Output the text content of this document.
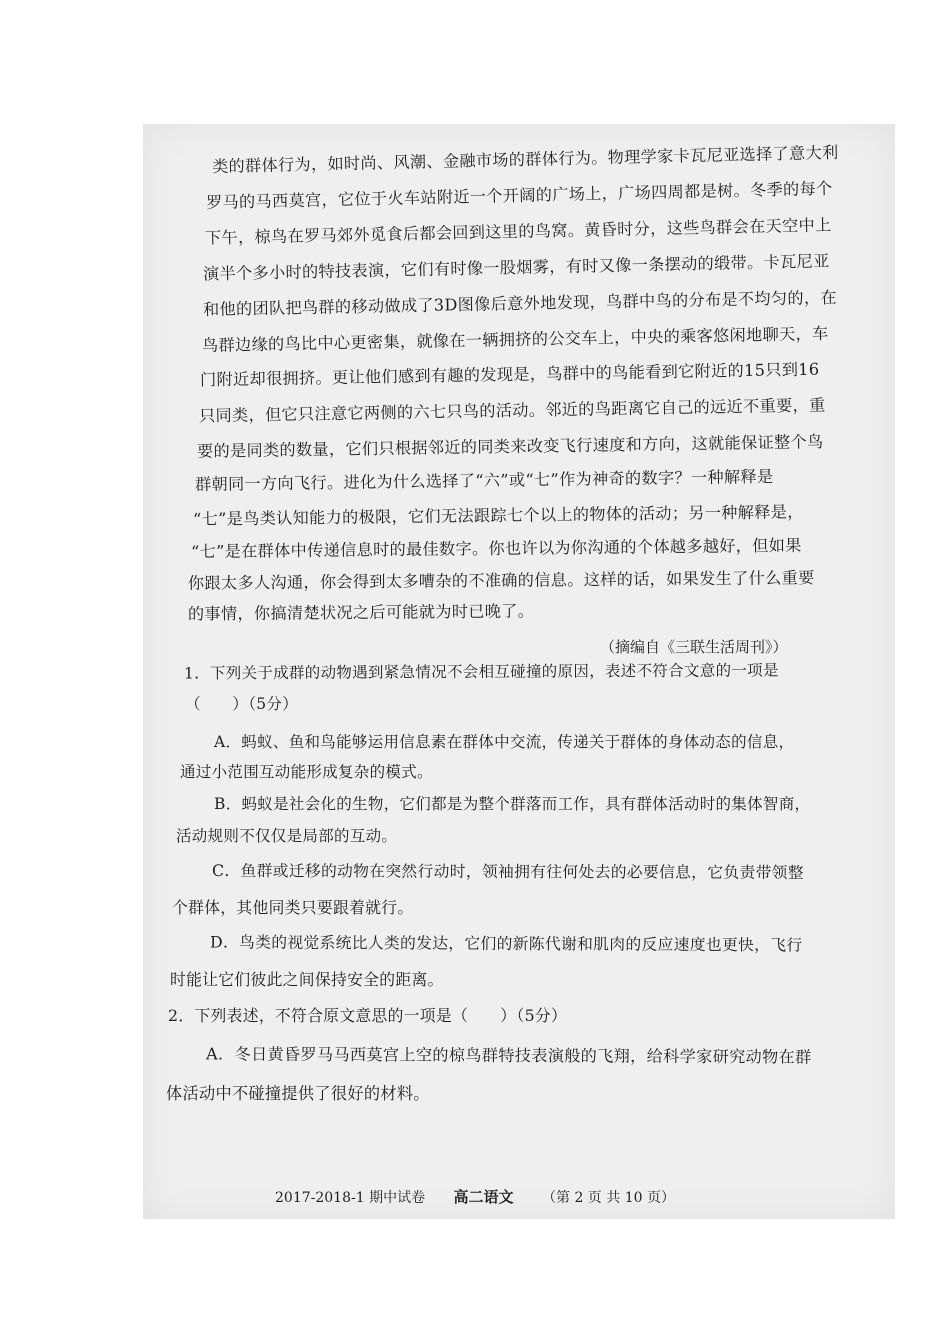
类的群体行为，如时尚、风潮、金融市场的群体行为。物理学家卡瓦尼亚选择了意大利
罗马的马西莫宫，它位于火车站附近一个开阔的广场上，广场四周都是树。冬季的每个
下午，椋鸟在罗马郊外觅食后都会回到这里的鸟窝。黄昏时分，这些鸟群会在天空中上
演半个多小时的特技表演，它们有时像一股烟雾，有时又像一条摆动的缎带。卡瓦尼亚
和他的团队把鸟群的移动做成了3D图像后意外地发现，鸟群中鸟的分布是不均匀的，在
鸟群边缘的鸟比中心更密集，就像在一辆拥挤的公交车上，中央的乘客悠闲地聊天，车
门附近却很拥挤。更让他们感到有趣的发现是，鸟群中的鸟能看到它附近的15只到16
只同类，但它只注意它两侧的六七只鸟的活动。邻近的鸟距离它自己的远近不重要，重
要的是同类的数量，它们只根据邻近的同类来改变飞行速度和方向，这就能保证整个鸟
群朝同一方向飞行。进化为什么选择了“六”或“七”作为神奇的数字？一种解释是
“七”是鸟类认知能力的极限，它们无法跟踪七个以上的物体的活动；另一种解释是，
“七”是在群体中传递信息时的最佳数字。你也许以为你沟通的个体越多越好，但如果
你跟太多人沟通，你会得到太多嘈杂的不准确的信息。这样的话，如果发生了什么重要
的事情，你搞清楚状况之后可能就为时已晚了。
（摘编自《三联生活周刊》）
1．下列关于成群的动物遇到紧急情况不会相互碰撞的原因，表述不符合文意的一项是
（　　）（5分）
A．蚂蚁、鱼和鸟能够运用信息素在群体中交流，传递关于群体的身体动态的信息，
通过小范围互动能形成复杂的模式。
B．蚂蚁是社会化的生物，它们都是为整个群落而工作，具有群体活动时的集体智商，
活动规则不仅仅是局部的互动。
C．鱼群或迁移的动物在突然行动时，领袖拥有往何处去的必要信息，它负责带领整
个群体，其他同类只要跟着就行。
D．鸟类的视觉系统比人类的发达，它们的新陈代谢和肌肉的反应速度也更快，飞行
时能让它们彼此之间保持安全的距离。
2．下列表述，不符合原文意思的一项是（　　）（5分）
A．冬日黄昏罗马马西莫宫上空的椋鸟群特技表演般的飞翔，给科学家研究动物在群
体活动中不碰撞提供了很好的材料。
2017-2018-1 期中试卷 高二语文 （第 2 页 共 10 页）
